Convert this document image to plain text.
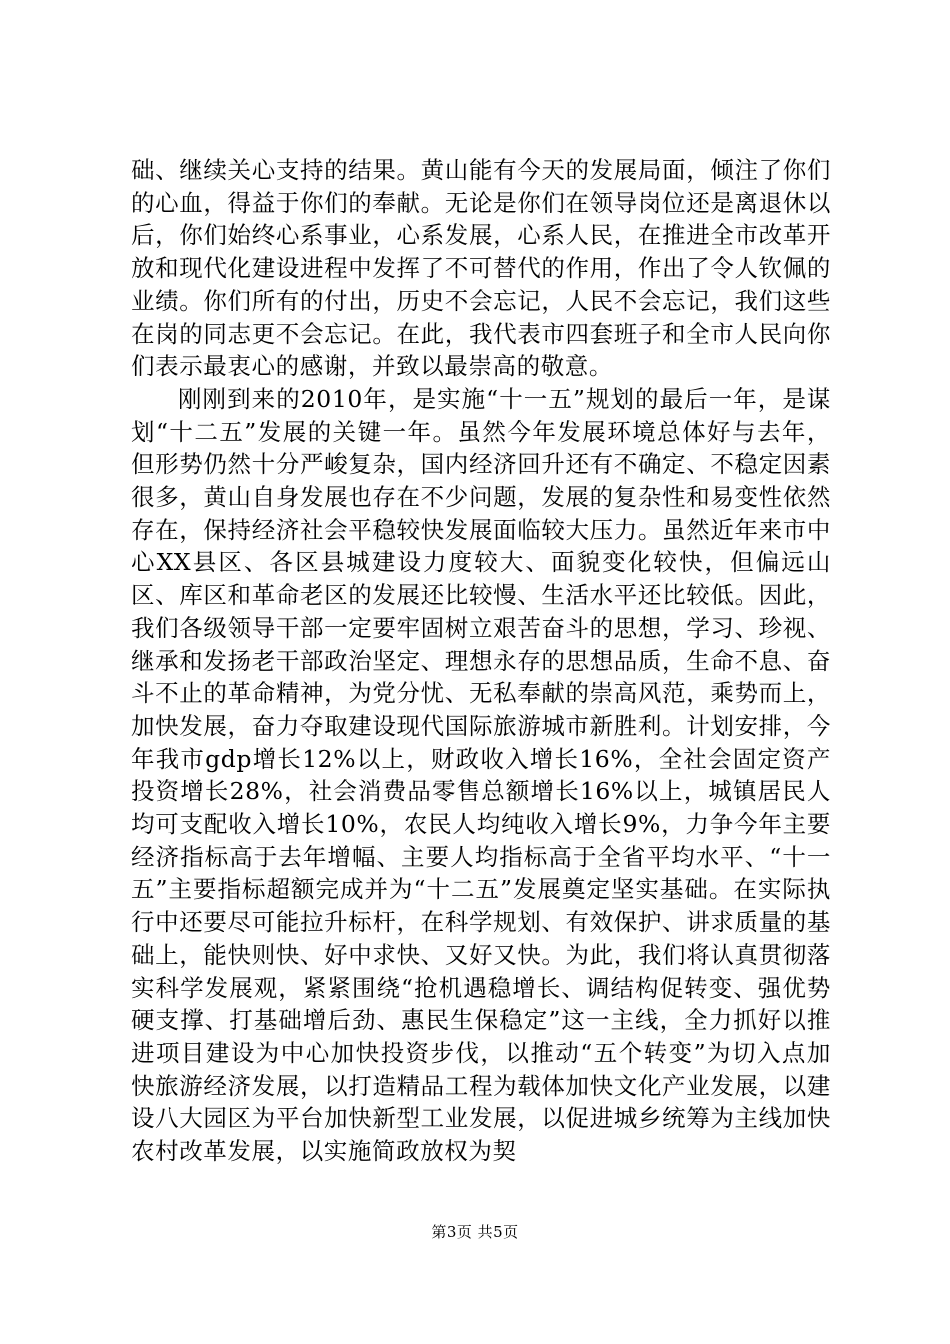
础、继续关心支持的结果。黄山能有今天的发展局面，倾注了你们的心血，得益于你们的奉献。无论是你们在领导岗位还是离退休以后，你们始终心系事业，心系发展，心系人民，在推进全市改革开放和现代化建设进程中发挥了不可替代的作用，作出了令人钦佩的业绩。你们所有的付出，历史不会忘记，人民不会忘记，我们这些在岗的同志更不会忘记。在此，我代表市四套班子和全市人民向你们表示最衷心的感谢，并致以最崇高的敬意。

刚刚到来的2010年，是实施“十一五”规划的最后一年，是谋划“十二五”发展的关键一年。虽然今年发展环境总体好与去年，但形势仍然十分严峻复杂，国内经济回升还有不确定、不稳定因素很多，黄山自身发展也存在不少问题，发展的复杂性和易变性依然存在，保持经济社会平稳较快发展面临较大压力。虽然近年来市中心XX县区、各区县城建设力度较大、面貌变化较快，但偏远山区、库区和革命老区的发展还比较慢、生活水平还比较低。因此，我们各级领导干部一定要牢固树立艰苦奋斗的思想，学习、珍视、继承和发扬老干部政治坚定、理想永存的思想品质，生命不息、奋斗不止的革命精神，为党分忧、无私奉献的崇高风范，乘势而上，加快发展，奋力夺取建设现代国际旅游城市新胜利。计划安排，今年我市gdp增长12%以上，财政收入增长16%，全社会固定资产投资增长28%，社会消费品零售总额增长16%以上，城镇居民人均可支配收入增长10%，农民人均纯收入增长9%，力争今年主要经济指标高于去年增幅、主要人均指标高于全省平均水平、“十一五”主要指标超额完成并为“十二五”发展奠定坚实基础。在实际执行中还要尽可能拉升标杆，在科学规划、有效保护、讲求质量的基础上，能快则快、好中求快、又好又快。为此，我们将认真贯彻落实科学发展观，紧紧围绕“抢机遇稳增长、调结构促转变、强优势硬支撑、打基础增后劲、惠民生保稳定”这一主线，全力抓好以推进项目建设为中心加快投资步伐，以推动“五个转变”为切入点加快旅游经济发展，以打造精品工程为载体加快文化产业发展，以建设八大园区为平台加快新型工业发展，以促进城乡统筹为主线加快农村改革发展，以实施简政放权为契

第3页 共5页
